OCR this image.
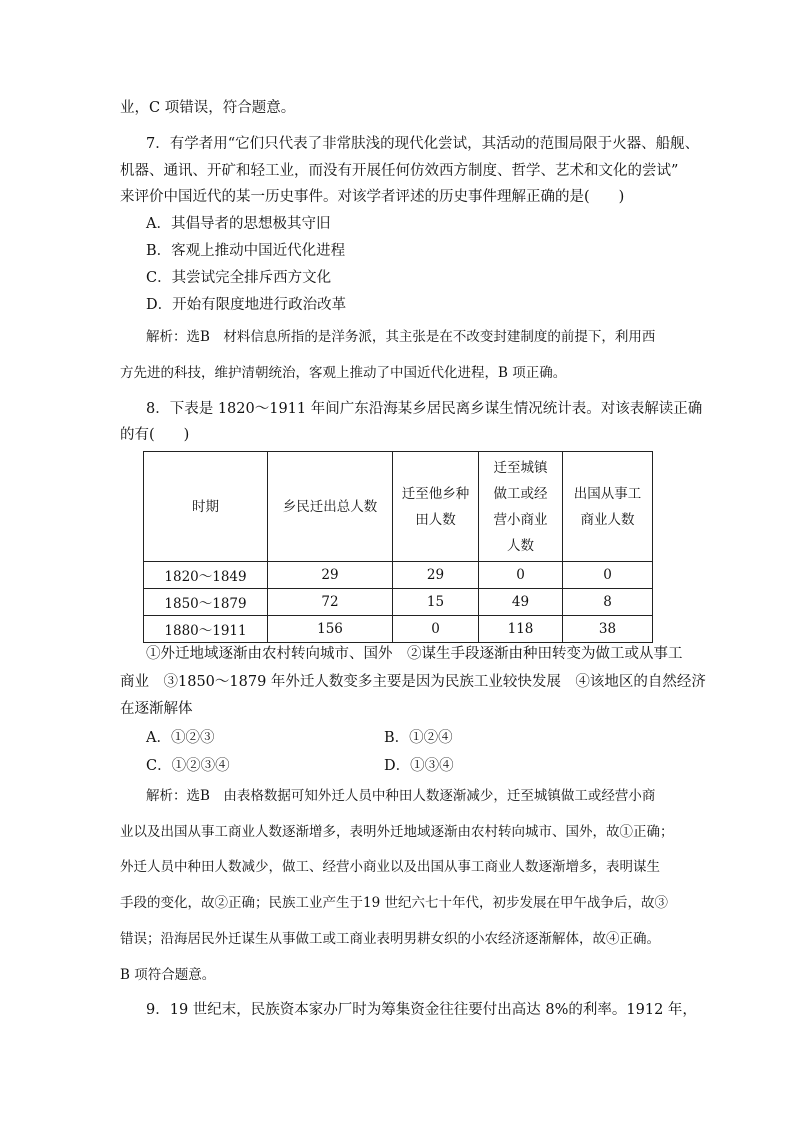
业，C 项错误，符合题意。
7．有学者用“它们只代表了非常肤浅的现代化尝试，其活动的范围局限于火器、船舰、
机器、通讯、开矿和轻工业，而没有开展任何仿效西方制度、哲学、艺术和文化的尝试”
来评价中国近代的某一历史事件。对该学者评述的历史事件理解正确的是(　　)
A．其倡导者的思想极其守旧
B．客观上推动中国近代化进程
C．其尝试完全排斥西方文化
D．开始有限度地进行政治改革
解析：选B　材料信息所指的是洋务派，其主张是在不改变封建制度的前提下，利用西
方先进的科技，维护清朝统治，客观上推动了中国近代化进程，B 项正确。
8．下表是 1820～1911 年间广东沿海某乡居民离乡谋生情况统计表。对该表解读正确
的有(　　)
时期	乡民迁出总人数	迁至他乡种
田人数	迁至城镇
做工或经
营小商业
人数	出国从事工
商业人数
1820～1849	29	29	0	0
1850～1879	72	15	49	8
1880～1911	156	0	118	38
①外迁地域逐渐由农村转向城市、国外　②谋生手段逐渐由种田转变为做工或从事工
商业　③1850～1879 年外迁人数变多主要是因为民族工业较快发展　④该地区的自然经济
在逐渐解体
A．①②③	B．①②④
C．①②③④	D．①③④
解析：选B　由表格数据可知外迁人员中种田人数逐渐减少，迁至城镇做工或经营小商
业以及出国从事工商业人数逐渐增多，表明外迁地域逐渐由农村转向城市、国外，故①正确；
外迁人员中种田人数减少，做工、经营小商业以及出国从事工商业人数逐渐增多，表明谋生
手段的变化，故②正确；民族工业产生于19 世纪六七十年代，初步发展在甲午战争后，故③
错误；沿海居民外迁谋生从事做工或工商业表明男耕女织的小农经济逐渐解体，故④正确。
B 项符合题意。
9．19 世纪末，民族资本家办厂时为筹集资金往往要付出高达 8%的利率。1912 年，
